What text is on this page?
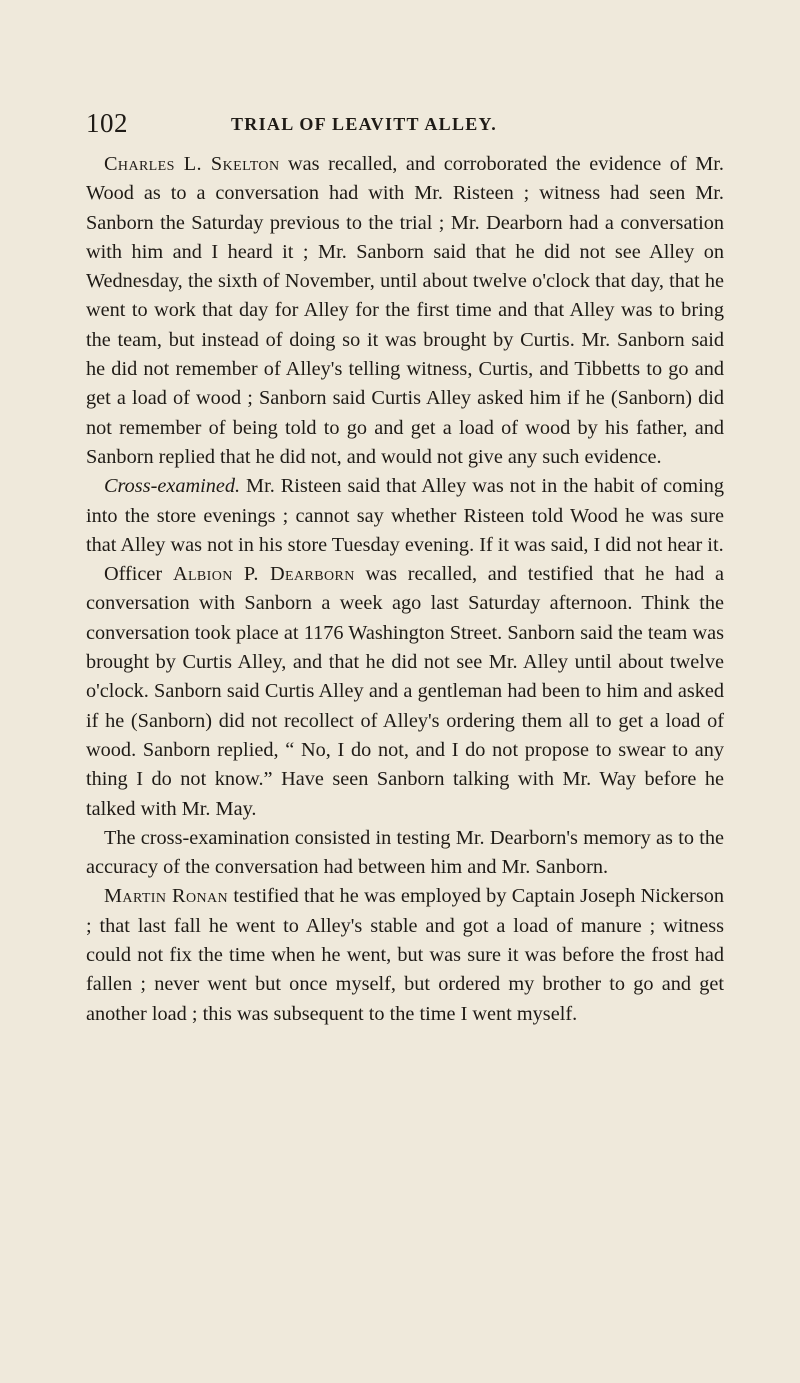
102	TRIAL OF LEAVITT ALLEY.

Charles L. Skelton was recalled, and corroborated the evidence of Mr. Wood as to a conversation had with Mr. Risteen ; witness had seen Mr. Sanborn the Saturday previous to the trial ; Mr. Dearborn had a conversation with him and I heard it ; Mr. Sanborn said that he did not see Alley on Wednesday, the sixth of November, until about twelve o'clock that day, that he went to work that day for Alley for the first time and that Alley was to bring the team, but instead of doing so it was brought by Curtis. Mr. Sanborn said he did not remember of Alley's telling witness, Curtis, and Tibbetts to go and get a load of wood ; Sanborn said Curtis Alley asked him if he (Sanborn) did not remember of being told to go and get a load of wood by his father, and Sanborn replied that he did not, and would not give any such evidence.

Cross-examined. Mr. Risteen said that Alley was not in the habit of coming into the store evenings ; cannot say whether Risteen told Wood he was sure that Alley was not in his store Tuesday evening. If it was said, I did not hear it.

Officer Albion P. Dearborn was recalled, and testified that he had a conversation with Sanborn a week ago last Saturday afternoon. Think the conversation took place at 1176 Washington Street. Sanborn said the team was brought by Curtis Alley, and that he did not see Mr. Alley until about twelve o'clock. Sanborn said Curtis Alley and a gentleman had been to him and asked if he (Sanborn) did not recollect of Alley's ordering them all to get a load of wood. Sanborn replied, “ No, I do not, and I do not propose to swear to any thing I do not know.” Have seen Sanborn talking with Mr. Way before he talked with Mr. May.

The cross-examination consisted in testing Mr. Dearborn's memory as to the accuracy of the conversation had between him and Mr. Sanborn.

Martin Ronan testified that he was employed by Captain Joseph Nickerson ; that last fall he went to Alley's stable and got a load of manure ; witness could not fix the time when he went, but was sure it was before the frost had fallen ; never went but once myself, but ordered my brother to go and get another load ; this was subsequent to the time I went myself.
